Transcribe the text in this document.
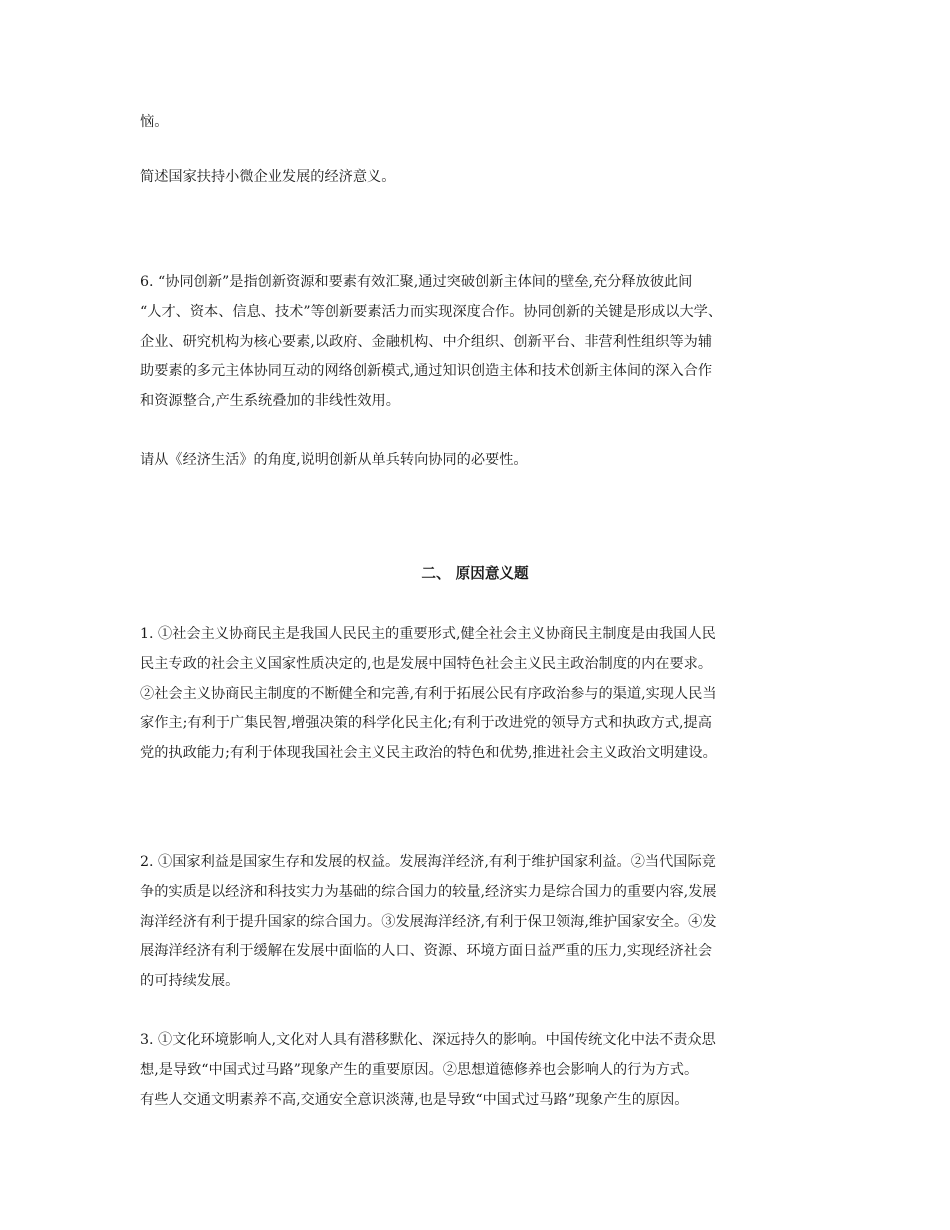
恼。
简述国家扶持小微企业发展的经济意义。
6. “协同创新”是指创新资源和要素有效汇聚,通过突破创新主体间的壁垒,充分释放彼此间
“人才、资本、信息、技术”等创新要素活力而实现深度合作。协同创新的关键是形成以大学、
企业、研究机构为核心要素,以政府、金融机构、中介组织、创新平台、非营利性组织等为辅
助要素的多元主体协同互动的网络创新模式,通过知识创造主体和技术创新主体间的深入合作
和资源整合,产生系统叠加的非线性效用。
请从《经济生活》的角度,说明创新从单兵转向协同的必要性。
二、 原因意义题
1. ①社会主义协商民主是我国人民民主的重要形式,健全社会主义协商民主制度是由我国人民
民主专政的社会主义国家性质决定的,也是发展中国特色社会主义民主政治制度的内在要求。
②社会主义协商民主制度的不断健全和完善,有利于拓展公民有序政治参与的渠道,实现人民当
家作主;有利于广集民智,增强决策的科学化民主化;有利于改进党的领导方式和执政方式,提高
党的执政能力;有利于体现我国社会主义民主政治的特色和优势,推进社会主义政治文明建设。
2. ①国家利益是国家生存和发展的权益。发展海洋经济,有利于维护国家利益。②当代国际竞
争的实质是以经济和科技实力为基础的综合国力的较量,经济实力是综合国力的重要内容,发展
海洋经济有利于提升国家的综合国力。③发展海洋经济,有利于保卫领海,维护国家安全。④发
展海洋经济有利于缓解在发展中面临的人口、资源、环境方面日益严重的压力,实现经济社会
的可持续发展。
3. ①文化环境影响人,文化对人具有潜移默化、深远持久的影响。中国传统文化中法不责众思
想,是导致“中国式过马路”现象产生的重要原因。②思想道德修养也会影响人的行为方式。
有些人交通文明素养不高,交通安全意识淡薄,也是导致“中国式过马路”现象产生的原因。
